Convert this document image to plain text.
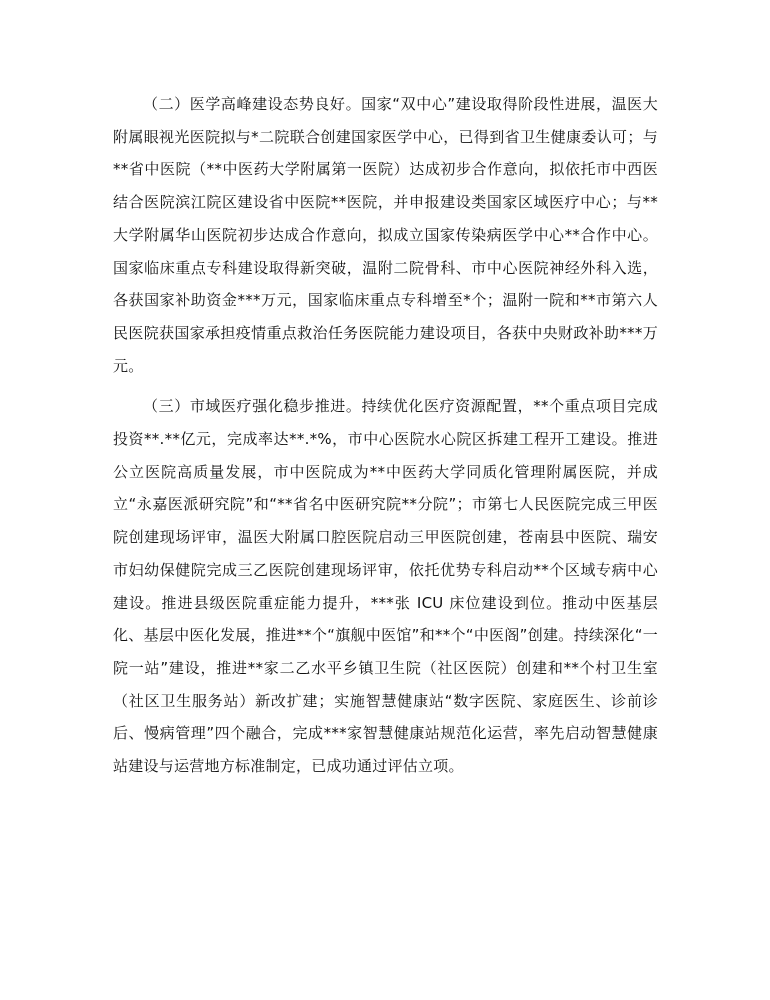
（二）医学高峰建设态势良好。国家“双中心”建设取得阶段性进展，温医大附属眼视光医院拟与*二院联合创建国家医学中心，已得到省卫生健康委认可；与**省中医院（**中医药大学附属第一医院）达成初步合作意向，拟依托市中西医结合医院滨江院区建设省中医院**医院，并申报建设类国家区域医疗中心；与**大学附属华山医院初步达成合作意向，拟成立国家传染病医学中心**合作中心。国家临床重点专科建设取得新突破，温附二院骨科、市中心医院神经外科入选，各获国家补助资金***万元，国家临床重点专科增至*个；温附一院和**市第六人民医院获国家承担疫情重点救治任务医院能力建设项目，各获中央财政补助***万元。

（三）市域医疗强化稳步推进。持续优化医疗资源配置，**个重点项目完成投资**.**亿元，完成率达**.*%，市中心医院水心院区拆建工程开工建设。推进公立医院高质量发展，市中医院成为**中医药大学同质化管理附属医院，并成立“永嘉医派研究院”和“**省名中医研究院**分院”；市第七人民医院完成三甲医院创建现场评审，温医大附属口腔医院启动三甲医院创建，苍南县中医院、瑞安市妇幼保健院完成三乙医院创建现场评审，依托优势专科启动**个区域专病中心建设。推进县级医院重症能力提升，***张 ICU 床位建设到位。推动中医基层化、基层中医化发展，推进**个“旗舰中医馆”和**个“中医阁”创建。持续深化“一院一站”建设，推进**家二乙水平乡镇卫生院（社区医院）创建和**个村卫生室（社区卫生服务站）新改扩建；实施智慧健康站“数字医院、家庭医生、诊前诊后、慢病管理”四个融合，完成***家智慧健康站规范化运营，率先启动智慧健康站建设与运营地方标准制定，已成功通过评估立项。
